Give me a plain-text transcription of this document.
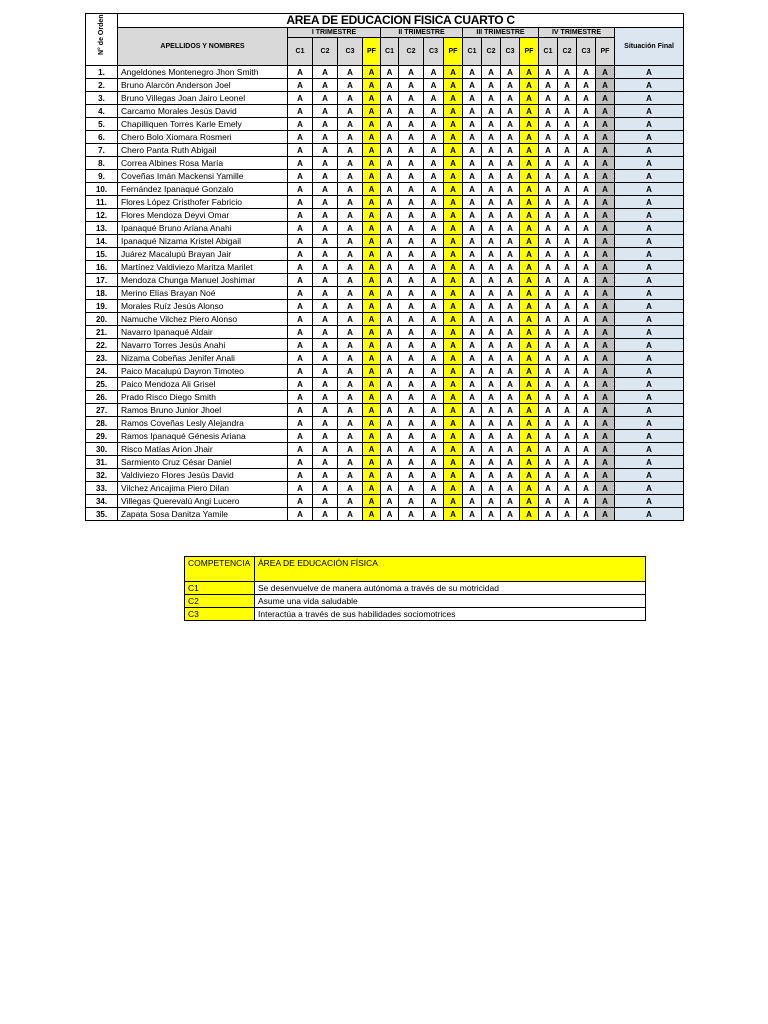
N° de Orden	AREA DE EDUCACION FISICA CUARTO C																	
	APELLIDOS Y NOMBRES	I TRIMESTRE				II TRIMESTRE				III TRIMESTRE				IV TRIMESTRE				Situación Final
		C1	C2	C3	PF	C1	C2	C3	PF	C1	C2	C3	PF	C1	C2	C3	PF	
1.	Angeldones Montenegro Jhon Smith	A	A	A	A	A	A	A	A	A	A	A	A	A	A	A	A	A
2.	Bruno Alarcón Anderson Joel	A	A	A	A	A	A	A	A	A	A	A	A	A	A	A	A	A
3.	Bruno Villegas Joan Jairo Leonel	A	A	A	A	A	A	A	A	A	A	A	A	A	A	A	A	A
4.	Carcamo Morales Jesús David	A	A	A	A	A	A	A	A	A	A	A	A	A	A	A	A	A
5.	Chapilliquen Torres Karle Emely	A	A	A	A	A	A	A	A	A	A	A	A	A	A	A	A	A
6.	Chero Bolo Xiomara Rosmeri	A	A	A	A	A	A	A	A	A	A	A	A	A	A	A	A	A
7.	Chero Panta Ruth Abigail	A	A	A	A	A	A	A	A	A	A	A	A	A	A	A	A	A
8.	Correa Albines Rosa María	A	A	A	A	A	A	A	A	A	A	A	A	A	A	A	A	A
9.	Coveñas Imán Mackensi Yamille	A	A	A	A	A	A	A	A	A	A	A	A	A	A	A	A	A
10.	Fernández Ipanaqué Gonzalo	A	A	A	A	A	A	A	A	A	A	A	A	A	A	A	A	A
11.	Flores López Cristhofer Fabricio	A	A	A	A	A	A	A	A	A	A	A	A	A	A	A	A	A
12.	Flores Mendoza Deyvi Omar	A	A	A	A	A	A	A	A	A	A	A	A	A	A	A	A	A
13.	Ipanaqué Bruno Ariana Anahi	A	A	A	A	A	A	A	A	A	A	A	A	A	A	A	A	A
14.	Ipanaqué Nizama Kristel Abigail	A	A	A	A	A	A	A	A	A	A	A	A	A	A	A	A	A
15.	Juárez Macalupú Brayan Jair	A	A	A	A	A	A	A	A	A	A	A	A	A	A	A	A	A
16.	Martínez Valdiviezo Maritza Marilet	A	A	A	A	A	A	A	A	A	A	A	A	A	A	A	A	A
17.	Mendoza Chunga Manuel Joshimar	A	A	A	A	A	A	A	A	A	A	A	A	A	A	A	A	A
18.	Merino Elías Brayan Noé	A	A	A	A	A	A	A	A	A	A	A	A	A	A	A	A	A
19.	Morales Ruíz Jesús Alonso	A	A	A	A	A	A	A	A	A	A	A	A	A	A	A	A	A
20.	Namuche Vilchez Piero Alonso	A	A	A	A	A	A	A	A	A	A	A	A	A	A	A	A	A
21.	Navarro Ipanaqué Aldair	A	A	A	A	A	A	A	A	A	A	A	A	A	A	A	A	A
22.	Navarro Torres Jesús Anahi	A	A	A	A	A	A	A	A	A	A	A	A	A	A	A	A	A
23.	Nizama Cobeñas Jenifer Anali	A	A	A	A	A	A	A	A	A	A	A	A	A	A	A	A	A
24.	Paico Macalupú Dayron Timoteo	A	A	A	A	A	A	A	A	A	A	A	A	A	A	A	A	A
25.	Paico Mendoza Ali Grisel	A	A	A	A	A	A	A	A	A	A	A	A	A	A	A	A	A
26.	Prado Risco Diego Smith	A	A	A	A	A	A	A	A	A	A	A	A	A	A	A	A	A
27.	Ramos Bruno Junior Jhoel	A	A	A	A	A	A	A	A	A	A	A	A	A	A	A	A	A
28.	Ramos Coveñas Lesly Alejandra	A	A	A	A	A	A	A	A	A	A	A	A	A	A	A	A	A
29.	Ramos Ipanaqué Génesis Ariana	A	A	A	A	A	A	A	A	A	A	A	A	A	A	A	A	A
30.	Risco Matías Arion Jhair	A	A	A	A	A	A	A	A	A	A	A	A	A	A	A	A	A
31.	Sarmiento Cruz César Daniel	A	A	A	A	A	A	A	A	A	A	A	A	A	A	A	A	A
32.	Valdiviezo Flores Jesús David	A	A	A	A	A	A	A	A	A	A	A	A	A	A	A	A	A
33.	Vilchez Ancajima Piero Dilan	A	A	A	A	A	A	A	A	A	A	A	A	A	A	A	A	A
34.	Villegas Querevalú Angi Lucero	A	A	A	A	A	A	A	A	A	A	A	A	A	A	A	A	A
35.	Zapata Sosa Danitza Yamile	A	A	A	A	A	A	A	A	A	A	A	A	A	A	A	A	A
COMPETENCIA	ÁREA DE EDUCACIÓN FÍSICA
C1	Se desenvuelve de manera autónoma a través de su motricidad
C2	Asume una vida saludable
C3	Interactúa a través de sus habilidades sociomotrices
